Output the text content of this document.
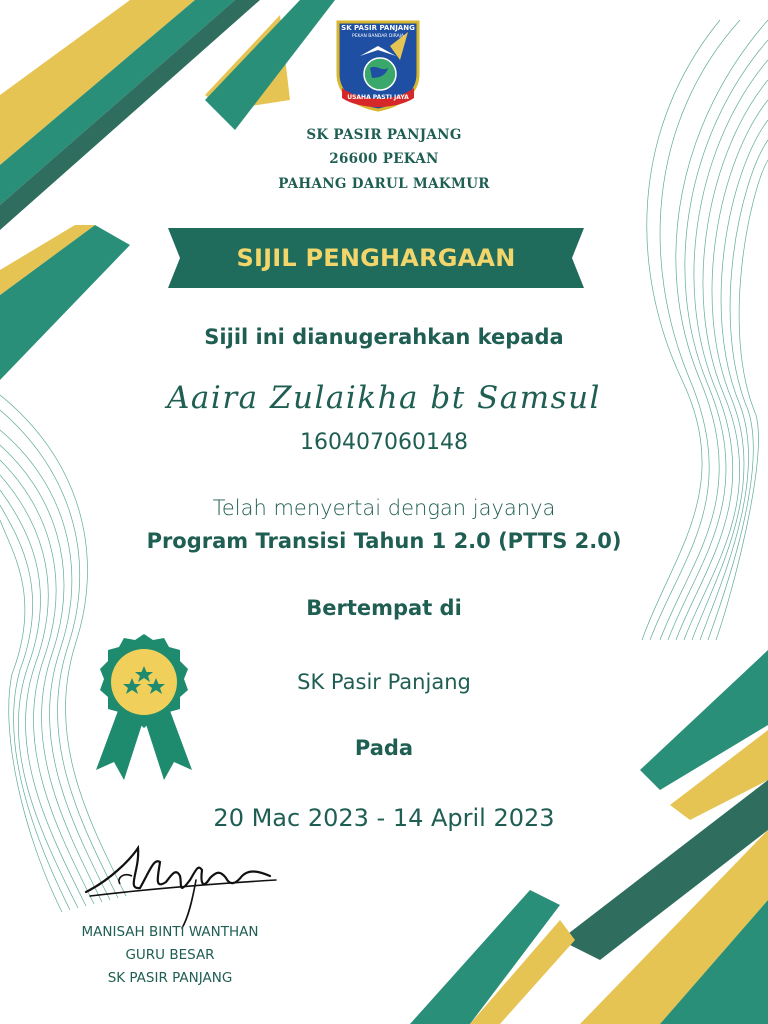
SK PASIR PANJANG
PEKAN BANDAR DIRAJA
USAHA PASTI JAYA
SK PASIR PANJANG
26600 PEKAN
PAHANG DARUL MAKMUR
SIJIL PENGHARGAAN
Sijil ini dianugerahkan kepada
Aaira Zulaikha bt Samsul
160407060148
Telah menyertai dengan jayanya
Program Transisi Tahun 1 2.0 (PTTS 2.0)
Bertempat di
SK Pasir Panjang
Pada
20 Mac 2023 - 14 April 2023
MANISAH BINTI WANTHAN
GURU BESAR
SK PASIR PANJANG
